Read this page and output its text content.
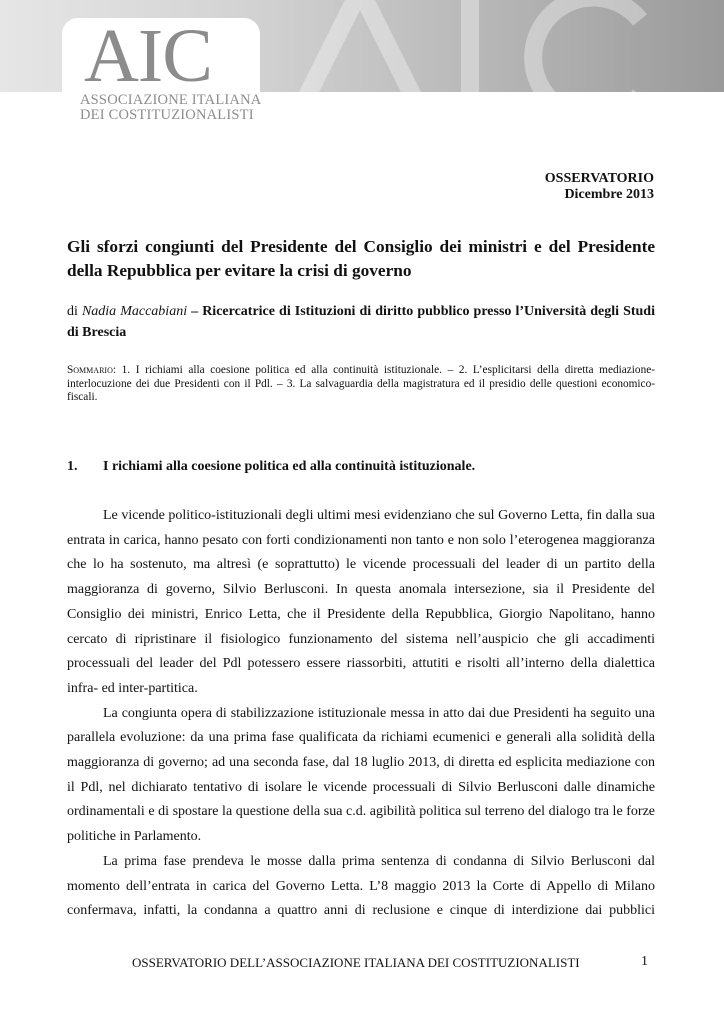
AIC
ASSOCIAZIONE ITALIANA
DEI COSTITUZIONALISTI
OSSERVATORIO
Dicembre 2013
Gli sforzi congiunti del Presidente del Consiglio dei ministri e del Presidente della Repubblica per evitare la crisi di governo
di Nadia Maccabiani – Ricercatrice di Istituzioni di diritto pubblico presso l’Università degli Studi di Brescia
Sommario: 1. I richiami alla coesione politica ed alla continuità istituzionale. – 2. L’esplicitarsi della diretta mediazione-interlocuzione dei due Presidenti con il Pdl. – 3. La salvaguardia della magistratura ed il presidio delle questioni economico-fiscali.
1. I richiami alla coesione politica ed alla continuità istituzionale.

Le vicende politico-istituzionali degli ultimi mesi evidenziano che sul Governo Letta, fin dalla sua entrata in carica, hanno pesato con forti condizionamenti non tanto e non solo l’eterogenea maggioranza che lo ha sostenuto, ma altresì (e soprattutto) le vicende processuali del leader di un partito della maggioranza di governo, Silvio Berlusconi. In questa anomala intersezione, sia il Presidente del Consiglio dei ministri, Enrico Letta, che il Presidente della Repubblica, Giorgio Napolitano, hanno cercato di ripristinare il fisiologico funzionamento del sistema nell’auspicio che gli accadimenti processuali del leader del Pdl potessero essere riassorbiti, attutiti e risolti all’interno della dialettica infra- ed inter-partitica.

La congiunta opera di stabilizzazione istituzionale messa in atto dai due Presidenti ha seguito una parallela evoluzione: da una prima fase qualificata da richiami ecumenici e generali alla solidità della maggioranza di governo; ad una seconda fase, dal 18 luglio 2013, di diretta ed esplicita mediazione con il Pdl, nel dichiarato tentativo di isolare le vicende processuali di Silvio Berlusconi dalle dinamiche ordinamentali e di spostare la questione della sua c.d. agibilità politica sul terreno del dialogo tra le forze politiche in Parlamento.

La prima fase prendeva le mosse dalla prima sentenza di condanna di Silvio Berlusconi dal momento dell’entrata in carica del Governo Letta. L’8 maggio 2013 la Corte di Appello di Milano confermava, infatti, la condanna a quattro anni di reclusione e cinque di interdizione dai pubblici

OSSERVATORIO DELL’ASSOCIAZIONE ITALIANA DEI COSTITUZIONALISTI	1
